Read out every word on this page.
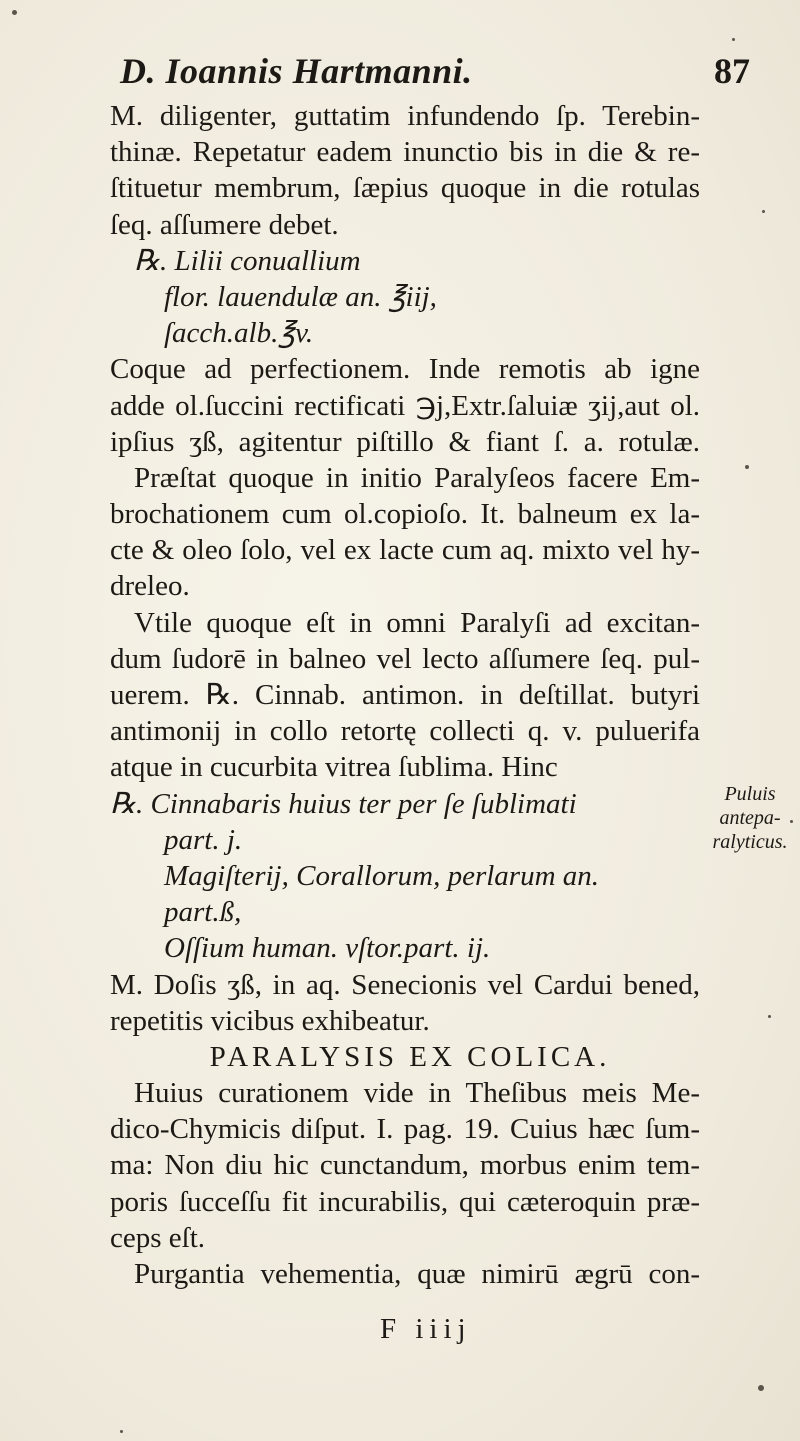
D. Ioannis Hartmanni.	87
M. diligenter, guttatim infundendo ſp. Terebin-
thinæ. Repetatur eadem inunctio bis in die & re-
ſtituetur membrum, ſæpius quoque in die rotulas
ſeq. aſſumere debet.
℞. Lilii conuallium
flor. lauendulæ an. ℥iij,
ſacch.alb.℥v.
Coque ad perfectionem. Inde remotis ab igne
adde ol.ſuccini rectificati ℈j,Extr.ſaluiæ ʒij,aut ol.
ipſius ʒß, agitentur piſtillo & fiant ſ. a. rotulæ.
Præſtat quoque in initio Paralyſeos facere Em-
brochationem cum ol.copioſo. It. balneum ex la-
cte & oleo ſolo, vel ex lacte cum aq. mixto vel hy-
dreleo.
Vtile quoque eſt in omni Paralyſi ad excitan-
dum ſudorē in balneo vel lecto aſſumere ſeq. pul-
uerem. ℞. Cinnab. antimon. in deſtillat. butyri
antimonij in collo retortę collecti q. v. puluerifa
atque in cucurbita vitrea ſublima. Hinc
℞. Cinnabaris huius ter per ſe ſublimati
part. j.
Magiſterij, Corallorum, perlarum an.
part.ß,
Oſſium human. vſtor.part. ij.
M. Doſis ʒß, in aq. Senecionis vel Cardui bened,
repetitis vicibus exhibeatur.
PARALYSIS EX COLICA.
Huius curationem vide in Theſibus meis Me-
dico-Chymicis diſput. I. pag. 19. Cuius hæc ſum-
ma: Non diu hic cunctandum, morbus enim tem-
poris ſucceſſu fit incurabilis, qui cæteroquin præ-
ceps eſt.
Purgantia vehementia, quæ nimirū ægrū con-
Puluis
antepa-
ralyticus.
F iiij
